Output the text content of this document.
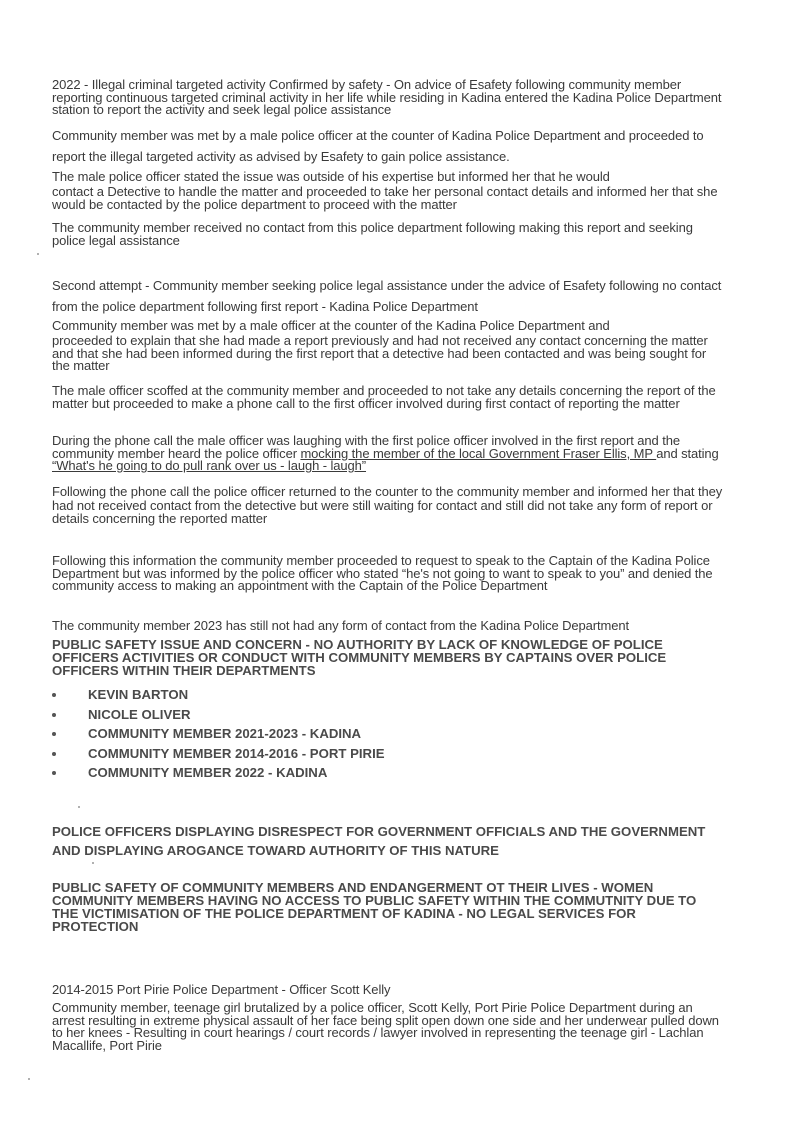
2022 - Illegal criminal targeted activity Confirmed by safety - On advice of Esafety following community member reporting continuous targeted criminal activity in her life while residing in Kadina entered the Kadina Police Department station to report the activity and seek legal police assistance

Community member was met by a male police officer at the counter of Kadina Police Department and proceeded to report the illegal targeted activity as advised by Esafety to gain police assistance.

The male police officer stated the issue was outside of his expertise but informed her that he would

contact a Detective to handle the matter and proceeded to take her personal contact details and informed her that she would be contacted by the police department to proceed with the matter

The community member received no contact from this police department following making this report and seeking police legal assistance

Second attempt - Community member seeking police legal assistance under the advice of Esafety following no contact from the police department following first report - Kadina Police Department

Community member was met by a male officer at the counter of the Kadina Police Department and

proceeded to explain that she had made a report previously and had not received any contact concerning the matter and that she had been informed during the first report that a detective had been contacted and was being sought for the matter

The male officer scoffed at the community member and proceeded to not take any details concerning the report of the matter but proceeded to make a phone call to the first officer involved during first contact of reporting the matter

During the phone call the male officer was laughing with the first police officer involved in the first report and the community member heard the police officer mocking the member of the local Government Fraser Ellis, MP and stating “What's he going to do pull rank over us - laugh - laugh”

Following the phone call the police officer returned to the counter to the community member and informed her that they had not received contact from the detective but were still waiting for contact and still did not take any form of report or details concerning the reported matter

Following this information the community member proceeded to request to speak to the Captain of the Kadina Police Department but was informed by the police officer who stated “he's not going to want to speak to you” and denied the community access to making an appointment with the Captain of the Police Department

The community member 2023 has still not had any form of contact from the Kadina Police Department

PUBLIC SAFETY ISSUE AND CONCERN - NO AUTHORITY BY LACK OF KNOWLEDGE OF POLICE OFFICERS ACTIVITIES OR CONDUCT WITH COMMUNITY MEMBERS BY CAPTAINS OVER POLICE OFFICERS WITHIN THEIR DEPARTMENTS

KEVIN BARTON
NICOLE OLIVER
COMMUNITY MEMBER 2021-2023 - KADINA
COMMUNITY MEMBER 2014-2016 - PORT PIRIE
COMMUNITY MEMBER 2022 - KADINA

POLICE OFFICERS DISPLAYING DISRESPECT FOR GOVERNMENT OFFICIALS AND THE GOVERNMENT AND DISPLAYING AROGANCE TOWARD AUTHORITY OF THIS NATURE

PUBLIC SAFETY OF COMMUNITY MEMBERS AND ENDANGERMENT OT THEIR LIVES - WOMEN COMMUNITY MEMBERS HAVING NO ACCESS TO PUBLIC SAFETY WITHIN THE COMMUTNITY DUE TO THE VICTIMISATION OF THE POLICE DEPARTMENT OF KADINA - NO LEGAL SERVICES FOR PROTECTION

2014-2015 Port Pirie Police Department - Officer Scott Kelly

Community member, teenage girl brutalized by a police officer, Scott Kelly, Port Pirie Police Department during an arrest resulting in extreme physical assault of her face being split open down one side and her underwear pulled down to her knees - Resulting in court hearings / court records / lawyer involved in representing the teenage girl - Lachlan Macallife, Port Pirie
